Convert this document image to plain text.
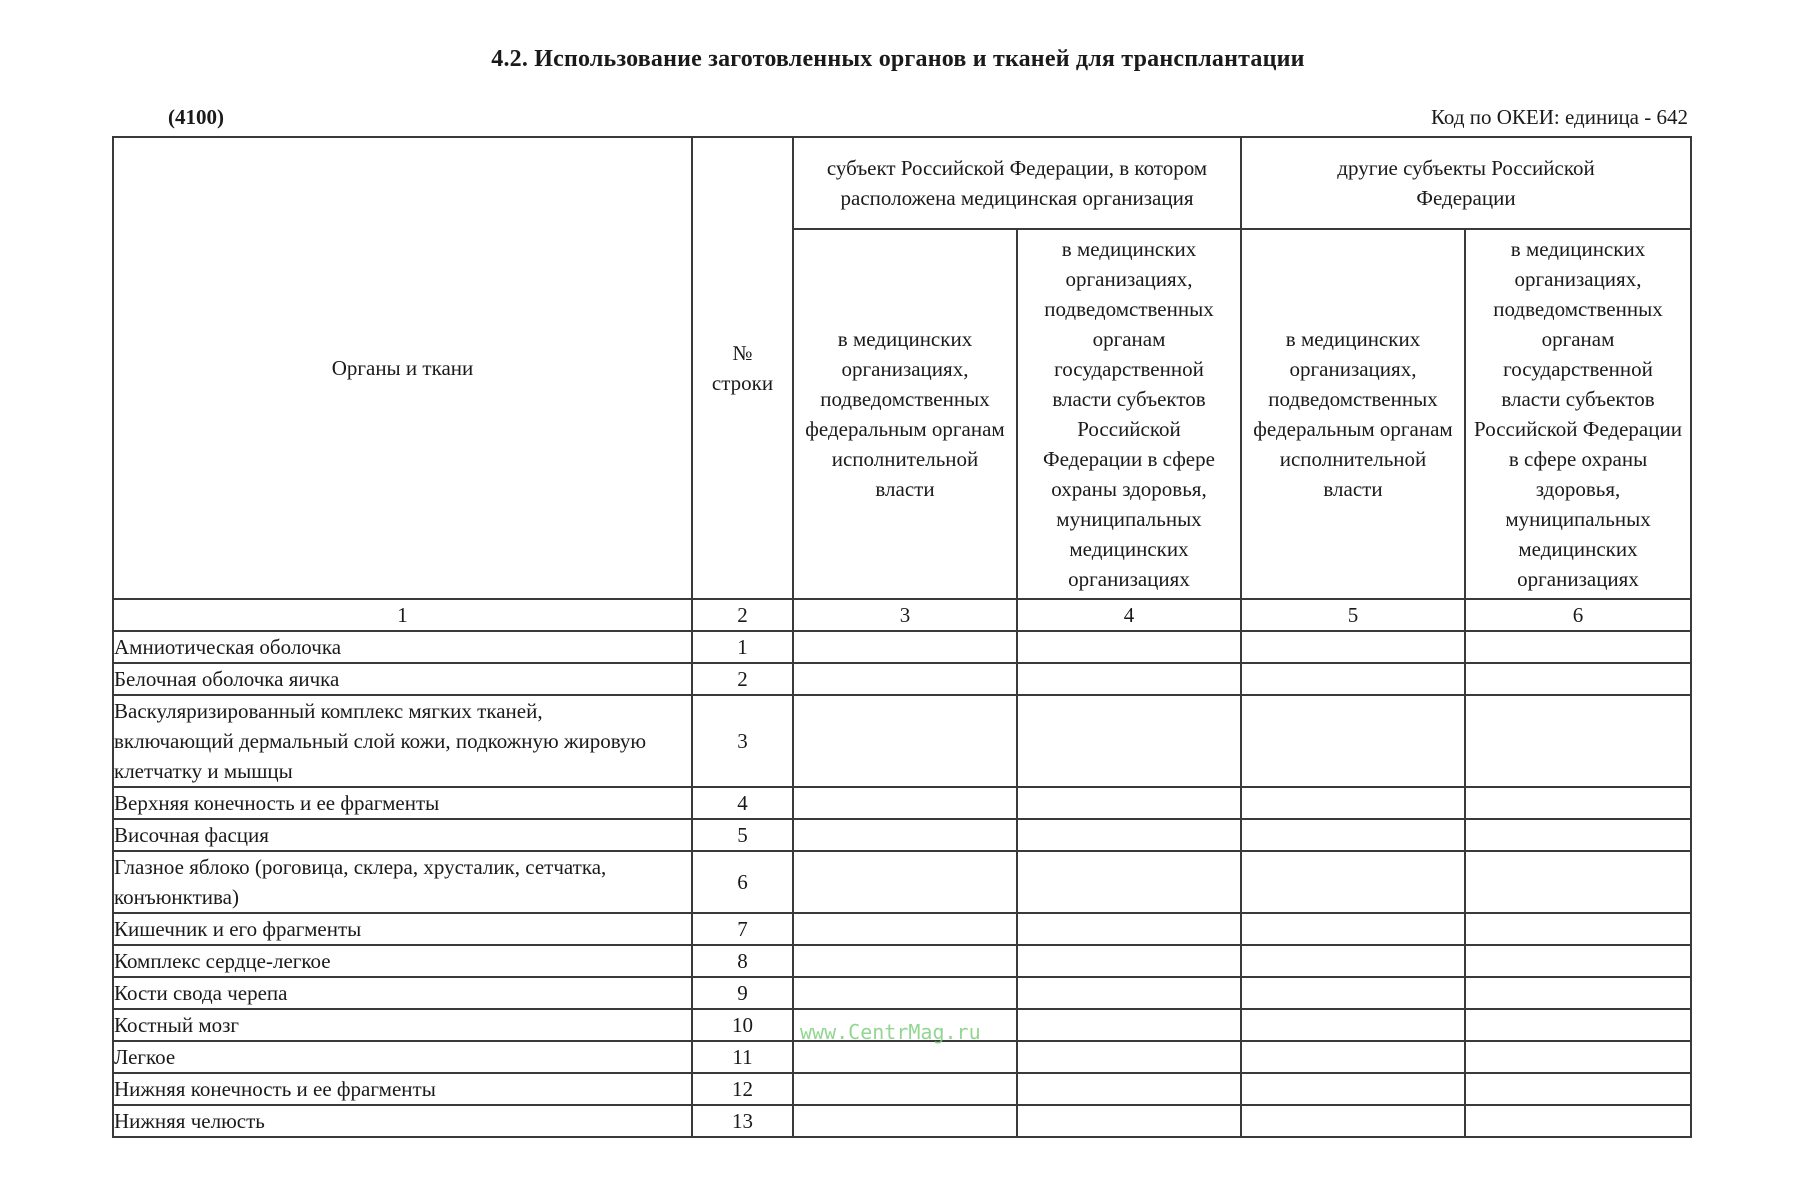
4.2. Использование заготовленных органов и тканей для трансплантации
(4100)	Код по ОКЕИ: единица - 642
Органы и ткани	№ строки	субъект Российской Федерации, в котором расположена медицинская организация		другие субъекты Российской Федерации	
		в медицинских организациях, подведомственных федеральным органам исполнительной власти	в медицинских организациях, подведомственных органам государственной власти субъектов Российской Федерации в сфере охраны здоровья, муниципальных медицинских организациях	в медицинских организациях, подведомственных федеральным органам исполнительной власти	в медицинских организациях, подведомственных органам государственной власти субъектов Российской Федерации в сфере охраны здоровья, муниципальных медицинских организациях
1	2	3	4	5	6
Амниотическая оболочка	1				
Белочная оболочка яичка	2				
Васкуляризированный комплекс мягких тканей, включающий дермальный слой кожи, подкожную жировую клетчатку и мышцы	3				
Верхняя конечность и ее фрагменты	4				
Височная фасция	5				
Глазное яблоко (роговица, склера, хрусталик, сетчатка, конъюнктива)	6				
Кишечник и его фрагменты	7				
Комплекс сердце-легкое	8				
Кости свода черепа	9				
Костный мозг	10				
Легкое	11				
Нижняя конечность и ее фрагменты	12				
Нижняя челюсть	13				
www.CentrMag.ru
